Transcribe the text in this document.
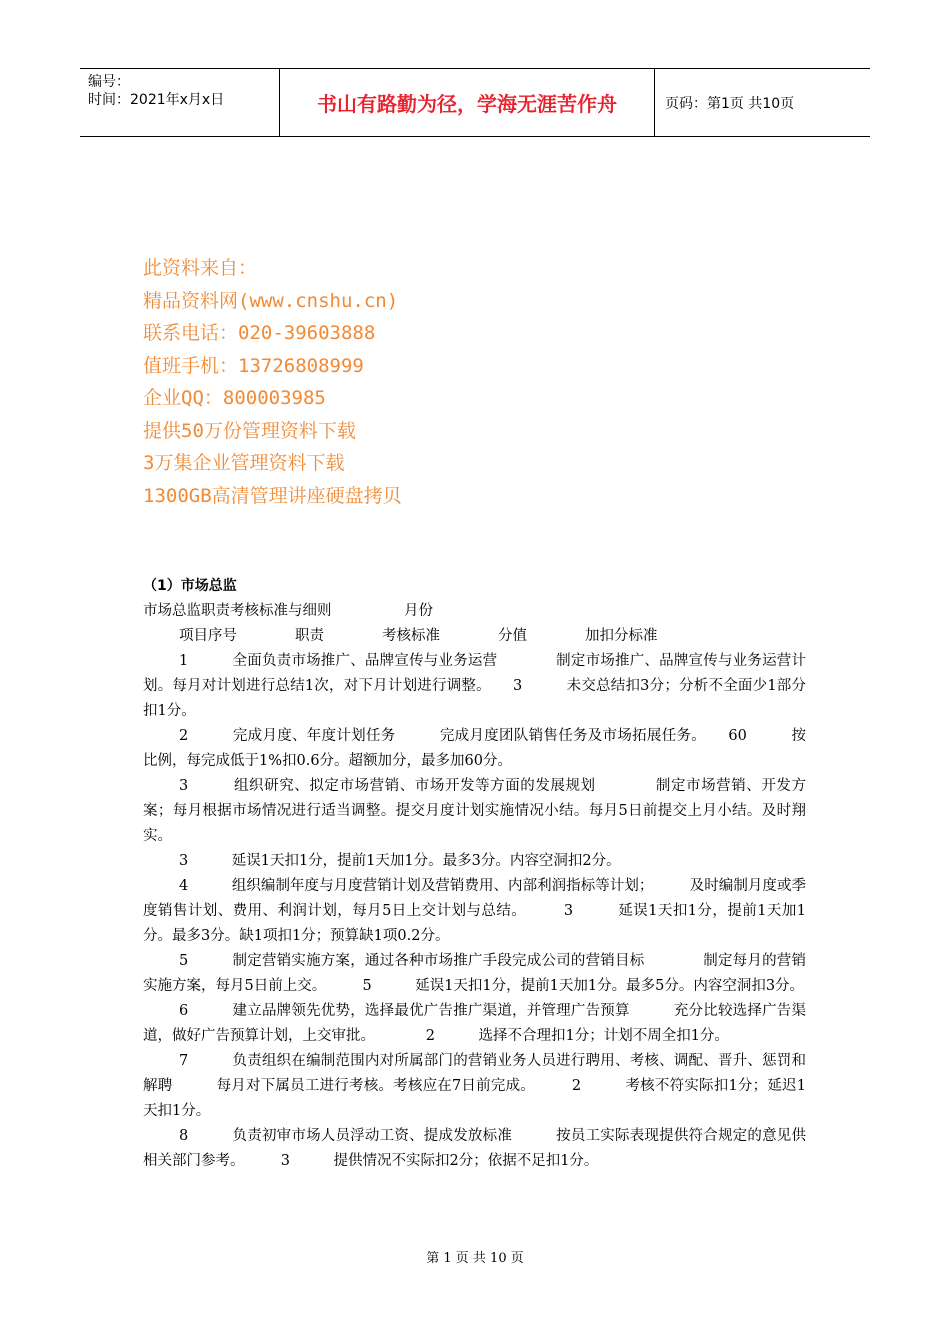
编号：
时间：2021年x月x日	书山有路勤为径，学海无涯苦作舟	页码：第1页 共10页
此资料来自：
精品资料网(www.cnshu.cn)
联系电话：020-39603888
值班手机：13726808999
企业QQ：800003985
提供50万份管理资料下载
3万集企业管理资料下载
1300GB高清管理讲座硬盘拷贝

（1）市场总监

市场总监职责考核标准与细则　　　　　月份

项目序号　　　　职责　　　　考核标准　　　　分值　　　　加扣分标准

1　　　全面负责市场推广、品牌宣传与业务运营　　　　制定市场推广、品牌宣传与业务运营计划。每月对计划进行总结1次，对下月计划进行调整。　　3　　　未交总结扣3分；分析不全面少1部分扣1分。

2　　　完成月度、年度计划任务　　　完成月度团队销售任务及市场拓展任务。　　60　　　按比例，每完成低于1%扣0.6分。超额加分，最多加60分。

3　　　组织研究、拟定市场营销、市场开发等方面的发展规划　　　　制定市场营销、开发方案；每月根据市场情况进行适当调整。提交月度计划实施情况小结。每月5日前提交上月小结。及时翔实。

3　　　延误1天扣1分，提前1天加1分。最多3分。内容空洞扣2分。

4　　　组织编制年度与月度营销计划及营销费用、内部利润指标等计划；　　　及时编制月度或季度销售计划、费用、利润计划，每月5日上交计划与总结。　　　3　　　延误1天扣1分，提前1天加1分。最多3分。缺1项扣1分；预算缺1项0.2分。

5　　　制定营销实施方案，通过各种市场推广手段完成公司的营销目标　　　　制定每月的营销实施方案，每月5日前上交。　　　5　　　延误1天扣1分，提前1天加1分。最多5分。内容空洞扣3分。

6　　　建立品牌领先优势，选择最优广告推广渠道，并管理广告预算　　　充分比较选择广告渠道，做好广告预算计划，上交审批。　　　　2　　　选择不合理扣1分；计划不周全扣1分。

7　　　负责组织在编制范围内对所属部门的营销业务人员进行聘用、考核、调配、晋升、惩罚和解聘　　　每月对下属员工进行考核。考核应在7日前完成。　　　2　　　考核不符实际扣1分；延迟1天扣1分。

8　　　负责初审市场人员浮动工资、提成发放标准　　　按员工实际表现提供符合规定的意见供相关部门参考。　　　3　　　提供情况不实际扣2分；依据不足扣1分。

第 1 页 共 10 页
